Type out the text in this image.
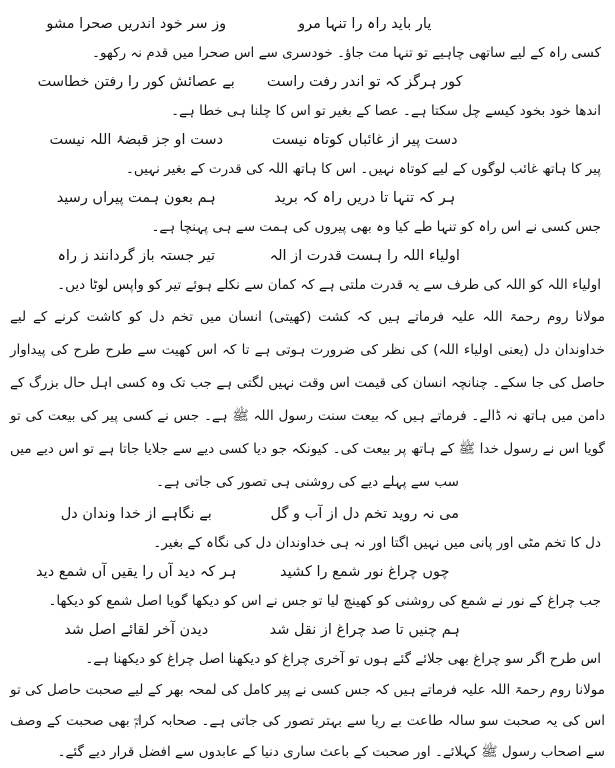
یار باید راہ را تنہا مرو
وز سر خود اندریں صحرا مشو
کسی راہ کے لیے ساتھی چاہیے تو تنہا مت جاؤ۔ خودسری سے اس صحرا میں قدم نہ رکھو۔
کور ہرگز کہ تو اندر رفت راست
بے عصائش کور را رفتن خطاست
اندھا خود بخود کیسے چل سکتا ہے۔ عصا کے بغیر تو اس کا چلنا ہی خطا ہے۔
دست پیر از غائباں کوتاہ نیست
دست او جز قبضۂ اللہ نیست
پیر کا ہاتھ غائب لوگوں کے لیے کوتاہ نہیں۔ اس کا ہاتھ اللہ کی قدرت کے بغیر نہیں۔
ہر کہ تنہا تا دریں راہ کہ برید
ہم بعون ہمت پیراں رسید
جس کسی نے اس راہ کو تنہا طے کیا وہ بھی پیروں کی ہمت سے ہی پہنچا ہے۔
اولیاء اللہ را ہست قدرت از الہ
تیر جستہ باز گردانند ز راہ
اولیاء اللہ کو اللہ کی طرف سے یہ قدرت ملتی ہے کہ کمان سے نکلے ہوئے تیر کو واپس لوٹا دیں۔
مولانا روم رحمۃ اللہ علیہ فرماتے ہیں کہ کشت (کھیتی) انسان میں تخم دل کو کاشت کرنے کے لیے خداوندان دل (یعنی اولیاء اللہ) کی نظر کی ضرورت ہوتی ہے تا کہ اس کھیت سے طرح طرح کی پیداوار حاصل کی جا سکے۔ چنانچہ انسان کی قیمت اس وقت نہیں لگتی ہے جب تک وہ کسی اہل حال بزرگ کے دامن میں ہاتھ نہ ڈالے۔ فرماتے ہیں کہ بیعت سنت رسول اللہ ﷺ ہے۔ جس نے کسی پیر کی بیعت کی تو گویا اس نے رسول خدا ﷺ کے ہاتھ پر بیعت کی۔ کیونکہ جو دیا کسی دیے سے جلایا جاتا ہے تو اس دیے میں سب سے پہلے دیے کی روشنی ہی تصور کی جاتی ہے۔
می نہ روید تخم دل از آب و گل
بے نگاہے از خدا وندان دل
دل کا تخم مٹی اور پانی میں نہیں اگتا اور نہ ہی خداوندان دل کی نگاہ کے بغیر۔
چوں چراغ نور شمع را کشید
ہر کہ دید آں را یقیں آں شمع دید
جب چراغ کے نور نے شمع کی روشنی کو کھینچ لیا تو جس نے اس کو دیکھا گویا اصل شمع کو دیکھا۔
ہم چنیں تا صد چراغ از نقل شد
دیدن آخر لقائے اصل شد
اس طرح اگر سو چراغ بھی جلائے گئے ہوں تو آخری چراغ کو دیکھنا اصل چراغ کو دیکھنا ہے۔
مولانا روم رحمۃ اللہ علیہ فرماتے ہیں کہ جس کسی نے پیر کامل کی لمحہ بھر کے لیے صحبت حاصل کی تو اس کی یہ صحبت سو سالہ طاعت بے ریا سے بہتر تصور کی جاتی ہے۔ صحابہ کرامؓ بھی صحبت کے وصف سے اصحاب رسول ﷺ کہلائے۔ اور صحبت کے باعث ساری دنیا کے عابدوں سے افضل قرار دیے گئے۔
